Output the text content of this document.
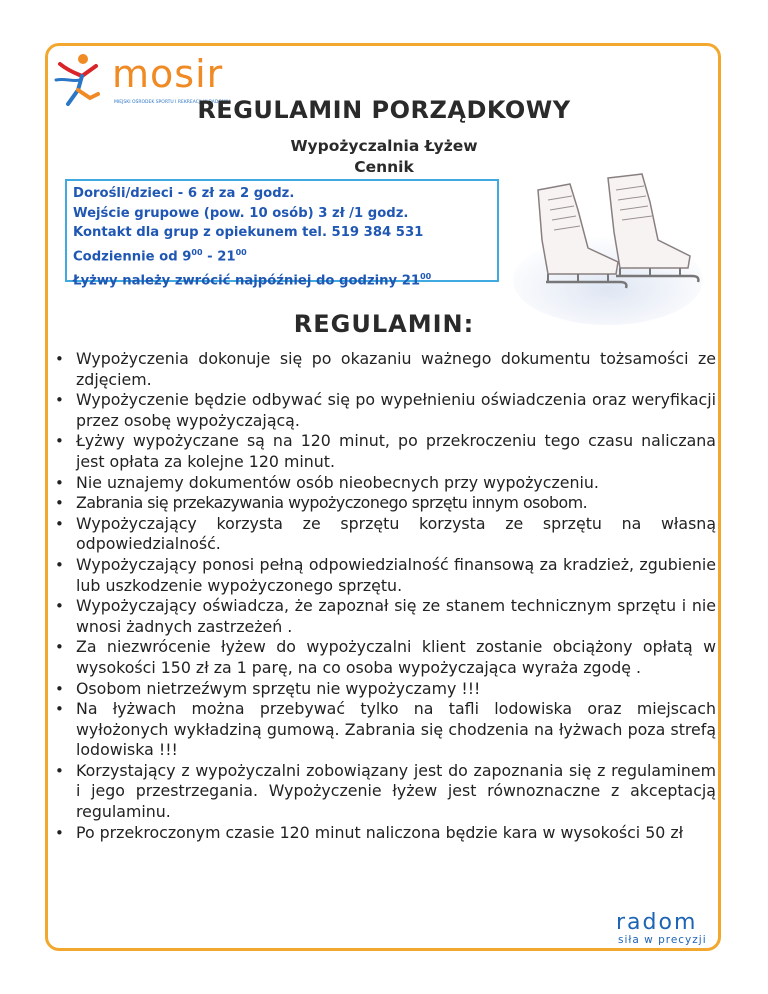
mosir
MIEJSKI OŚRODEK SPORTU I REKREACJI W RADOMIU
REGULAMIN PORZĄDKOWY
Wypożyczalnia Łyżew
Cennik
Dorośli/dzieci - 6 zł za 2 godz.
Wejście grupowe (pow. 10 osób) 3 zł /1 godz.
Kontakt dla grup z opiekunem tel. 519 384 531
Codziennie od $9^{00} - 21^{00}$
Łyżwy należy zwrócić najpóźniej do godziny $21^{00}$
REGULAMIN:
• Wypożyczenia dokonuje się po okazaniu ważnego dokumentu tożsamości ze zdjęciem.
• Wypożyczenie będzie odbywać się po wypełnieniu oświadczenia oraz weryfikacji przez osobę wypożyczającą.
• Łyżwy wypożyczane są na 120 minut, po przekroczeniu tego czasu naliczana jest opłata za kolejne 120 minut.
• Nie uznajemy dokumentów osób nieobecnych przy wypożyczeniu.
• Zabrania się przekazywania wypożyczonego sprzętu innym osobom.
• Wypożyczający korzysta ze sprzętu korzysta ze sprzętu na własną odpowiedzialność.
• Wypożyczający ponosi pełną odpowiedzialność finansową za kradzież, zgubienie lub uszkodzenie wypożyczonego sprzętu.
• Wypożyczający oświadcza, że zapoznał się ze stanem technicznym sprzętu i nie wnosi żadnych zastrzeżeń .
• Za niezwrócenie łyżew do wypożyczalni klient zostanie obciążony opłatą w wysokości 150 zł za 1 parę, na co osoba wypożyczająca wyraża zgodę .
• Osobom nietrzeźwym sprzętu nie wypożyczamy !!!
• Na łyżwach można przebywać tylko na tafli lodowiska oraz miejscach wyłożonych wykładziną gumową. Zabrania się chodzenia na łyżwach poza strefą lodowiska !!!
• Korzystający z wypożyczalni zobowiązany jest do zapoznania się z regulaminem i jego przestrzegania. Wypożyczenie łyżew jest równoznaczne z akceptacją regulaminu.
• Po przekroczonym czasie 120 minut naliczona będzie kara w wysokości 50 zł
radom
siła w precyzji
